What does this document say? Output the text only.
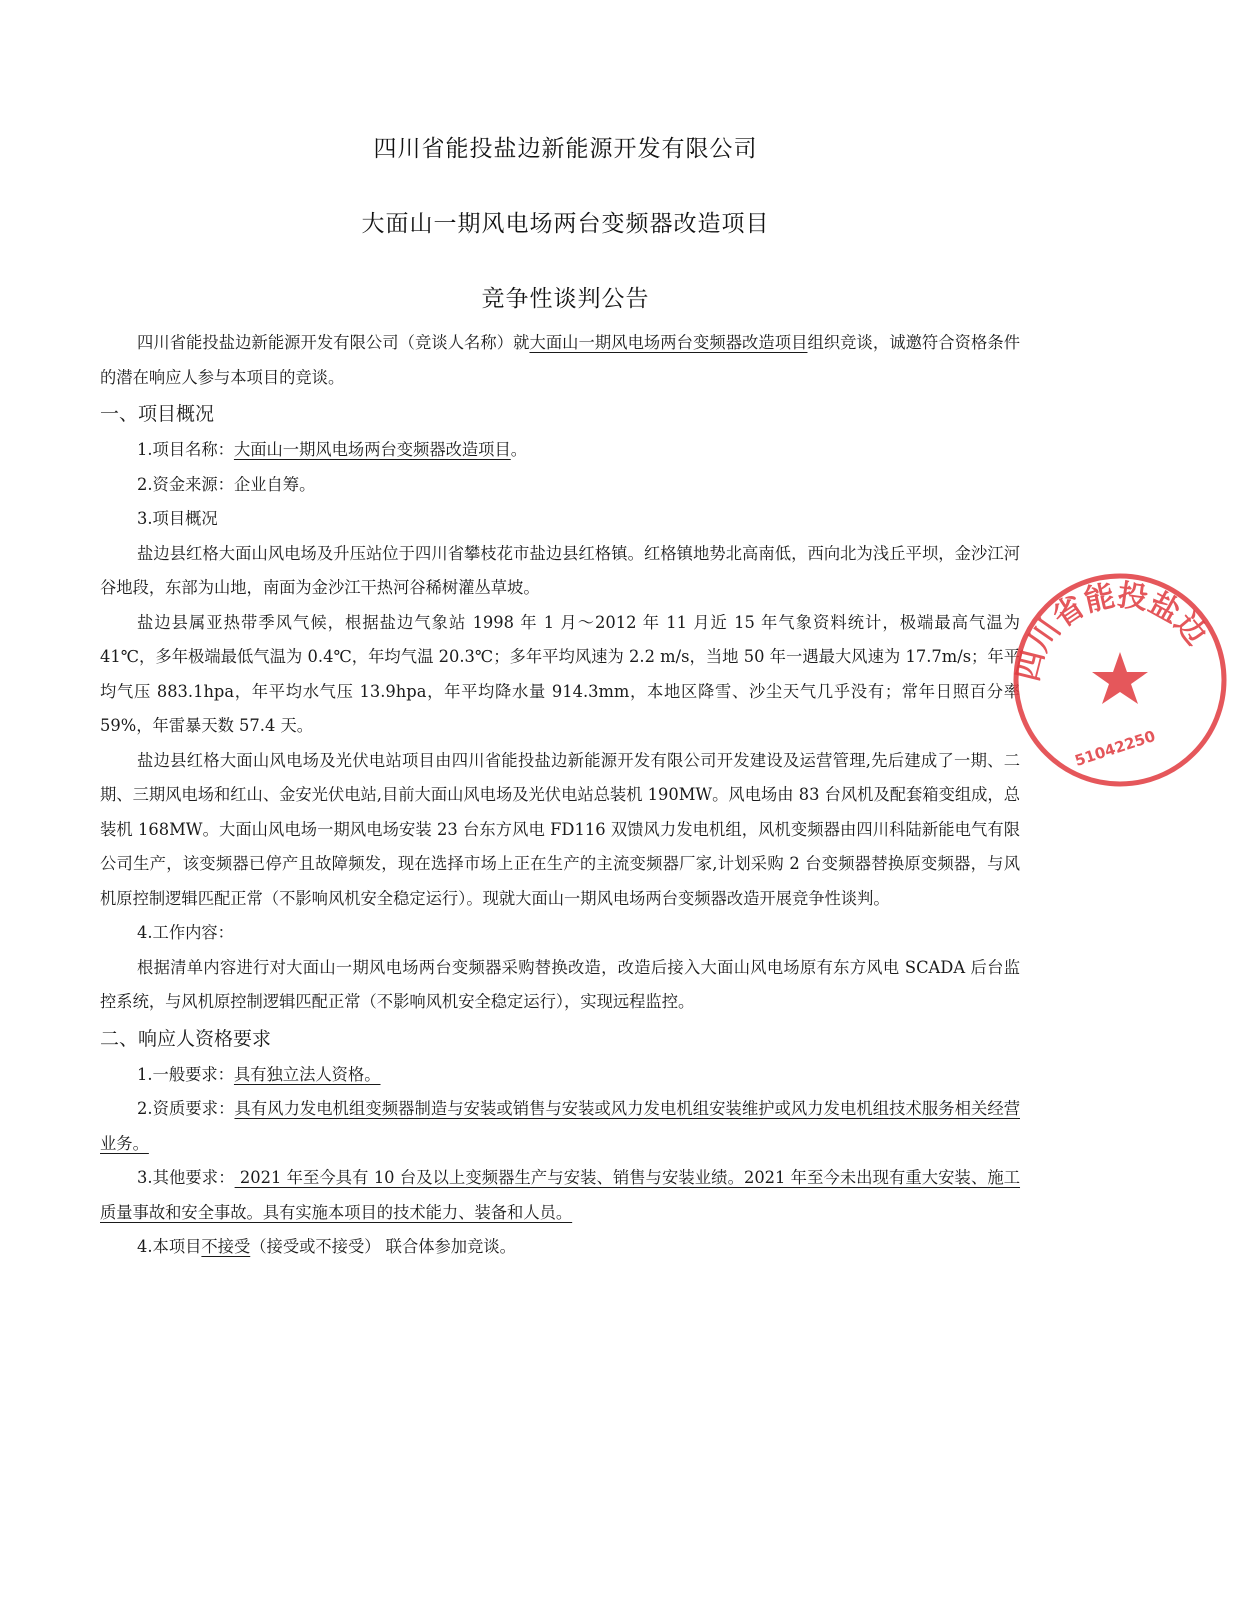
四川省能投盐边新能源开发有限公司
大面山一期风电场两台变频器改造项目
竞争性谈判公告

四川省能投盐边新能源开发有限公司（竞谈人名称）就大面山一期风电场两台变频器改造项目组织竞谈，诚邀符合资格条件的潜在响应人参与本项目的竞谈。

一、项目概况

1.项目名称：大面山一期风电场两台变频器改造项目。

2.资金来源：企业自筹。

3.项目概况

盐边县红格大面山风电场及升压站位于四川省攀枝花市盐边县红格镇。红格镇地势北高南低，西向北为浅丘平坝，金沙江河谷地段，东部为山地，南面为金沙江干热河谷稀树灌丛草坡。

盐边县属亚热带季风气候，根据盐边气象站 1998 年 1 月～2012 年 11 月近 15 年气象资料统计，极端最高气温为 41℃，多年极端最低气温为 0.4℃，年均气温 20.3℃；多年平均风速为 2.2 m/s，当地 50 年一遇最大风速为 17.7m/s；年平均气压 883.1hpa，年平均水气压 13.9hpa，年平均降水量 914.3mm，本地区降雪、沙尘天气几乎没有；常年日照百分率 59%，年雷暴天数 57.4 天。

盐边县红格大面山风电场及光伏电站项目由四川省能投盐边新能源开发有限公司开发建设及运营管理,先后建成了一期、二期、三期风电场和红山、金安光伏电站,目前大面山风电场及光伏电站总装机 190MW。风电场由 83 台风机及配套箱变组成，总装机 168MW。大面山风电场一期风电场安装 23 台东方风电 FD116 双馈风力发电机组，风机变频器由四川科陆新能电气有限公司生产，该变频器已停产且故障频发，现在选择市场上正在生产的主流变频器厂家,计划采购 2 台变频器替换原变频器，与风机原控制逻辑匹配正常（不影响风机安全稳定运行）。现就大面山一期风电场两台变频器改造开展竞争性谈判。

4.工作内容：

根据清单内容进行对大面山一期风电场两台变频器采购替换改造，改造后接入大面山风电场原有东方风电 SCADA 后台监控系统，与风机原控制逻辑匹配正常（不影响风机安全稳定运行），实现远程监控。

二、响应人资格要求

1.一般要求：具有独立法人资格。

2.资质要求：具有风力发电机组变频器制造与安装或销售与安装或风力发电机组安装维护或风力发电机组技术服务相关经营业务。

3.其他要求： 2021 年至今具有 10 台及以上变频器生产与安装、销售与安装业绩。2021 年至今未出现有重大安装、施工质量事故和安全事故。具有实施本项目的技术能力、装备和人员。

4.本项目不接受（接受或不接受） 联合体参加竞谈。

四川省能投盐边
51042250
